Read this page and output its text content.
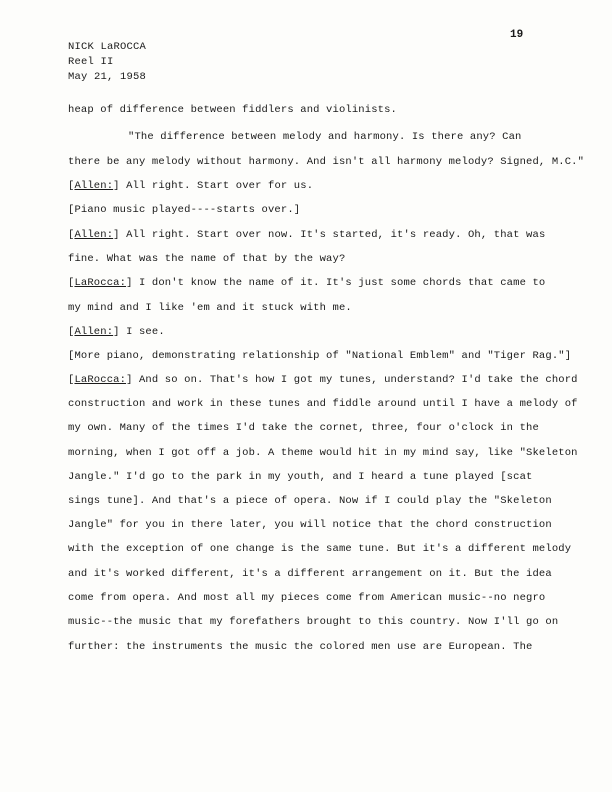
19
NICK LaROCCA
Reel II
May 21, 1958
heap of difference between fiddlers and violinists.
"The difference between melody and harmony. Is there any? Can
there be any melody without harmony. And isn't all harmony melody? Signed, M.C."
[Allen:] All right. Start over for us.
[Piano music played----starts over.]
[Allen:] All right. Start over now. It's started, it's ready. Oh, that was
fine. What was the name of that by the way?
[LaRocca:] I don't know the name of it. It's just some chords that came to
my mind and I like 'em and it stuck with me.
[Allen:] I see.
[More piano, demonstrating relationship of "National Emblem" and "Tiger Rag."]
[LaRocca:] And so on. That's how I got my tunes, understand? I'd take the chord
construction and work in these tunes and fiddle around until I have a melody of
my own. Many of the times I'd take the cornet, three, four o'clock in the
morning, when I got off a job. A theme would hit in my mind say, like "Skeleton
Jangle." I'd go to the park in my youth, and I heard a tune played [scat
sings tune]. And that's a piece of opera. Now if I could play the "Skeleton
Jangle" for you in there later, you will notice that the chord construction
with the exception of one change is the same tune. But it's a different melody
and it's worked different, it's a different arrangement on it. But the idea
come from opera. And most all my pieces come from American music--no negro
music--the music that my forefathers brought to this country. Now I'll go on
further: the instruments the music the colored men use are European. The
